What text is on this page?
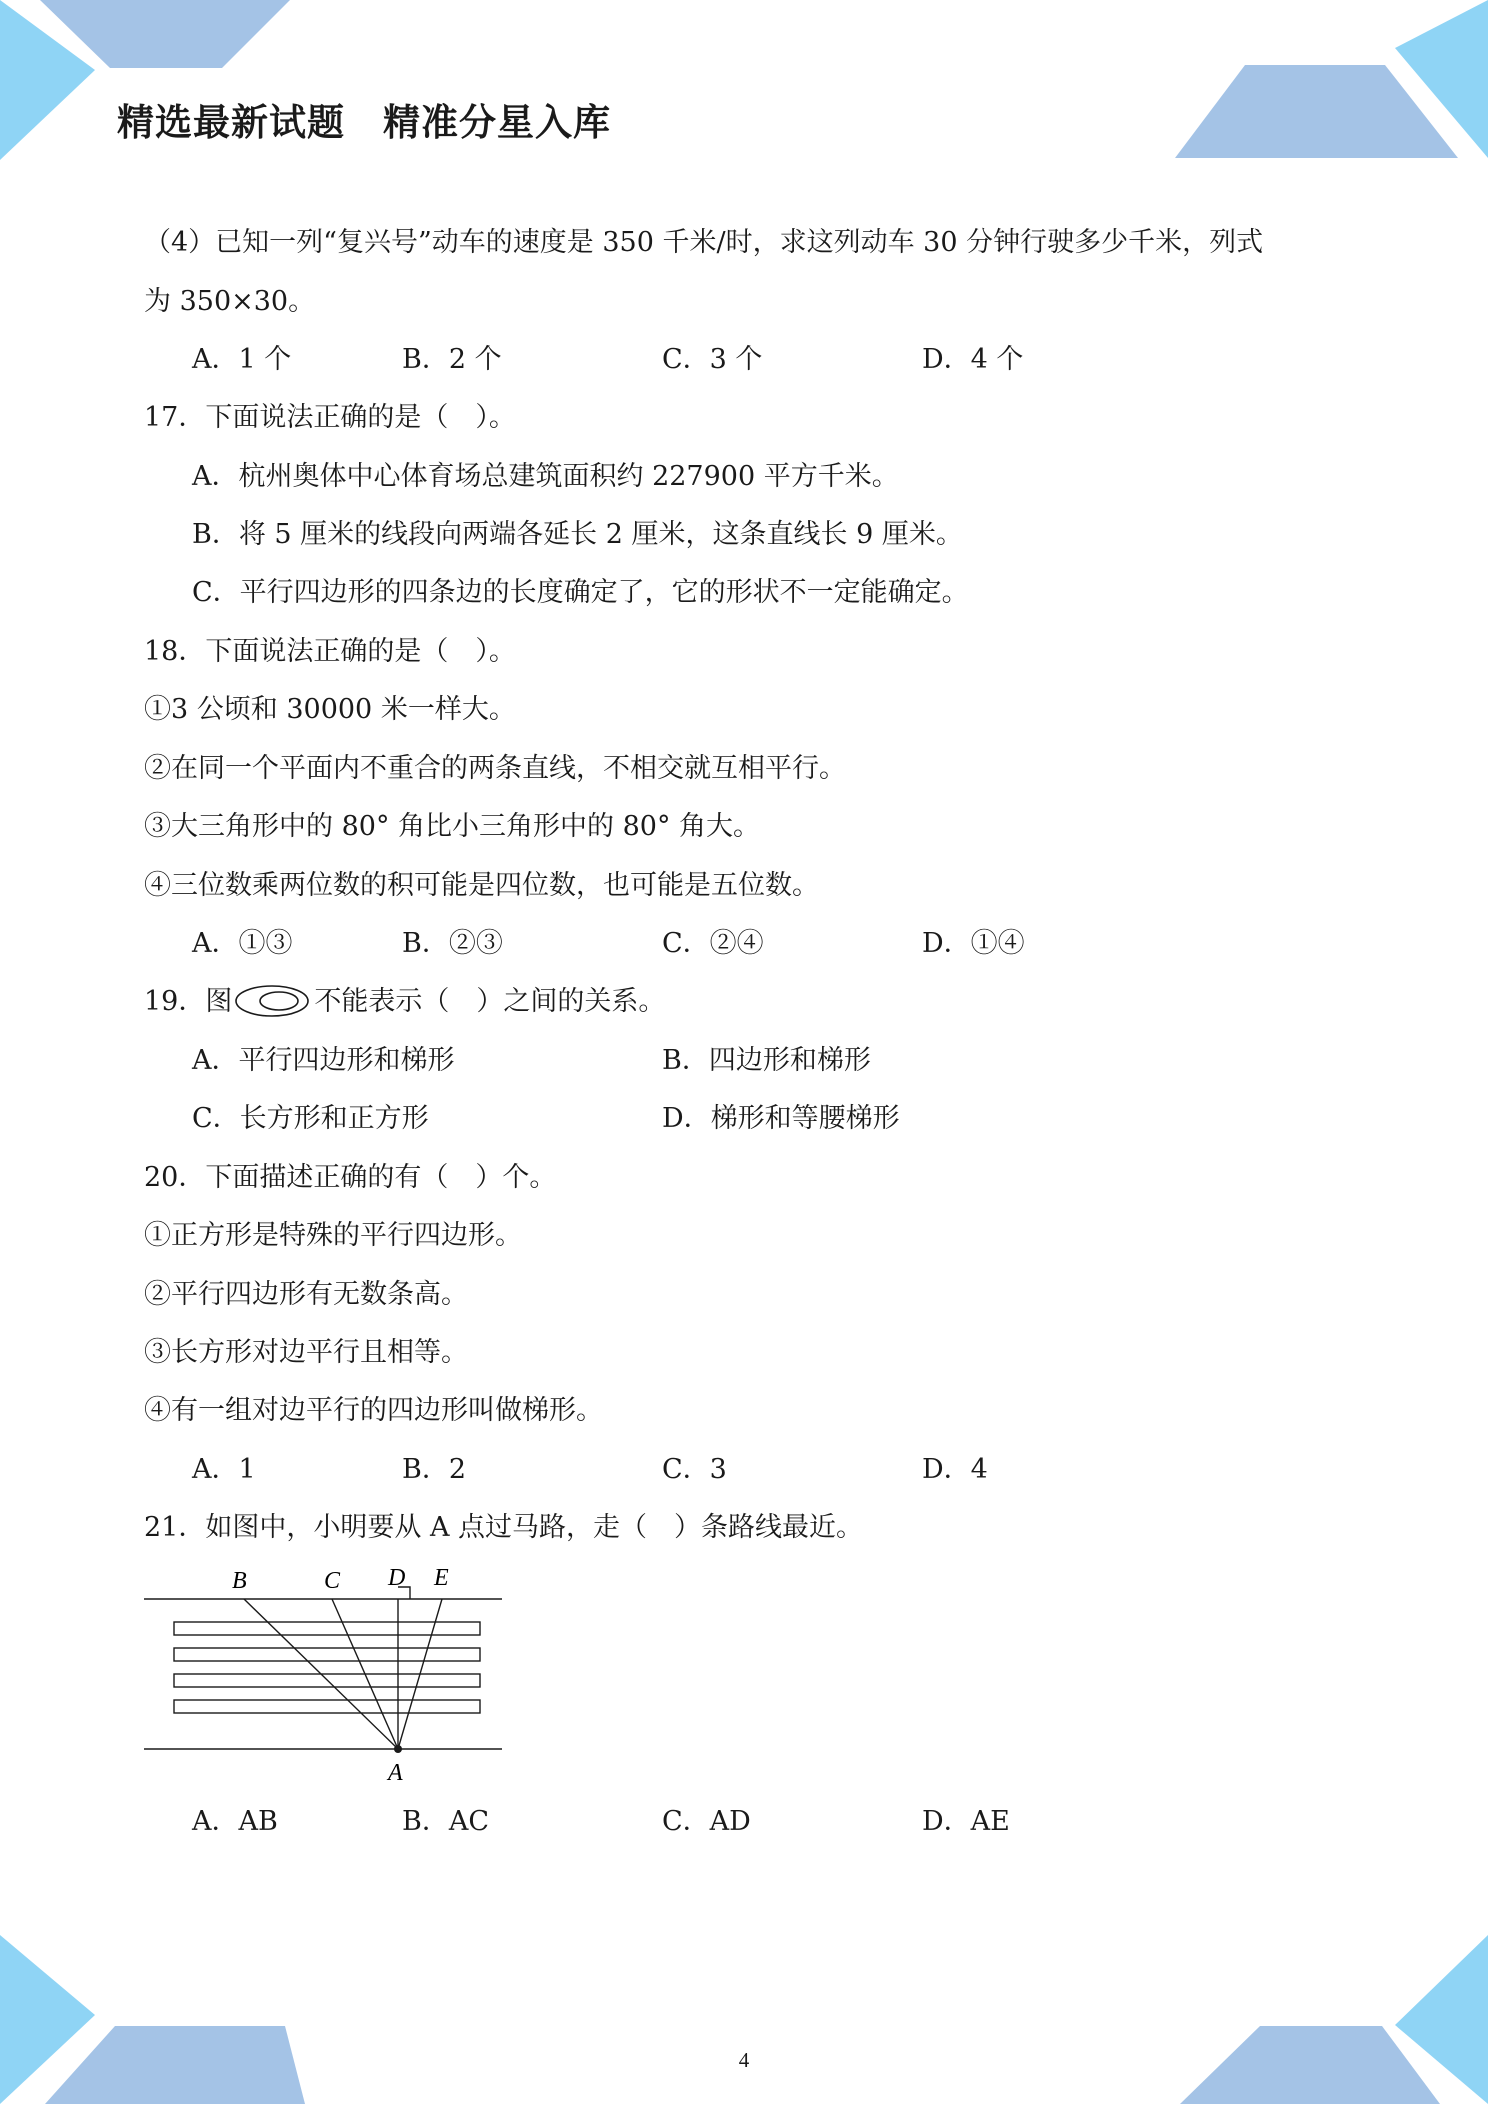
精选最新试题　精准分星入库
（4）已知一列“复兴号”动车的速度是 350 千米/时，求这列动车 30 分钟行驶多少千米，列式
为 350×30。
A．1 个	B．2 个	C．3 个	D．4 个
17．下面说法正确的是（　）。
A．杭州奥体中心体育场总建筑面积约 227900 平方千米。
B．将 5 厘米的线段向两端各延长 2 厘米，这条直线长 9 厘米。
C．平行四边形的四条边的长度确定了，它的形状不一定能确定。
18．下面说法正确的是（　）。
①3 公顷和 30000 米一样大。
②在同一个平面内不重合的两条直线，不相交就互相平行。
③大三角形中的 80° 角比小三角形中的 80° 角大。
④三位数乘两位数的积可能是四位数，也可能是五位数。
A．①③	B．②③	C．②④	D．①④
19．图	不能表示（　）之间的关系。
A．平行四边形和梯形	B．四边形和梯形
C．长方形和正方形	D．梯形和等腰梯形
20．下面描述正确的有（　）个。
①正方形是特殊的平行四边形。
②平行四边形有无数条高。
③长方形对边平行且相等。
④有一组对边平行的四边形叫做梯形。
A．1	B．2	C．3	D．4
21．如图中，小明要从 A 点过马路，走（　）条路线最近。
B	C D E
A
A．AB	B．AC	C．AD	D．AE
4
